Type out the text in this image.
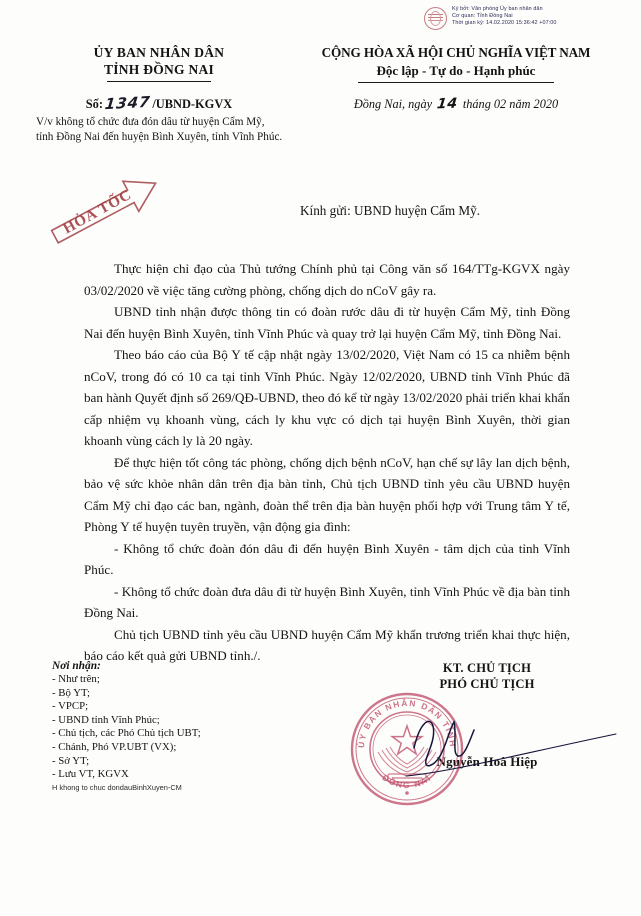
Ký bởi: Văn phòng Ủy ban nhân dân
Cơ quan: Tỉnh Đồng Nai
Thời gian ký: 14.02.2020 15:36:42 +07:00
ỦY BAN NHÂN DÂN
TỈNH ĐỒNG NAI
Số: 1347 /UBND-KGVX
V/v không tổ chức đưa đón dâu từ huyện Cẩm Mỹ, tỉnh Đồng Nai đến huyện Bình Xuyên, tỉnh Vĩnh Phúc.
CỘNG HÒA XÃ HỘI CHỦ NGHĨA VIỆT NAM
Độc lập - Tự do - Hạnh phúc
Đồng Nai, ngày 14 tháng 02 năm 2020
HỎA TỐC	Kính gửi: UBND huyện Cẩm Mỹ.

Thực hiện chỉ đạo của Thủ tướng Chính phủ tại Công văn số 164/TTg-KGVX ngày 03/02/2020 về việc tăng cường phòng, chống dịch do nCoV gây ra.

UBND tỉnh nhận được thông tin có đoàn rước dâu đi từ huyện Cẩm Mỹ, tỉnh Đồng Nai đến huyện Bình Xuyên, tỉnh Vĩnh Phúc và quay trở lại huyện Cẩm Mỹ, tỉnh Đồng Nai.

Theo báo cáo của Bộ Y tế cập nhật ngày 13/02/2020, Việt Nam có 15 ca nhiễm bệnh nCoV, trong đó có 10 ca tại tỉnh Vĩnh Phúc. Ngày 12/02/2020, UBND tỉnh Vĩnh Phúc đã ban hành Quyết định số 269/QĐ-UBND, theo đó kể từ ngày 13/02/2020 phải triển khai khẩn cấp nhiệm vụ khoanh vùng, cách ly khu vực có dịch tại huyện Bình Xuyên, thời gian khoanh vùng cách ly là 20 ngày.

Để thực hiện tốt công tác phòng, chống dịch bệnh nCoV, hạn chế sự lây lan dịch bệnh, bảo vệ sức khỏe nhân dân trên địa bàn tỉnh, Chủ tịch UBND tỉnh yêu cầu UBND huyện Cẩm Mỹ chỉ đạo các ban, ngành, đoàn thể trên địa bàn huyện phối hợp với Trung tâm Y tế, Phòng Y tế huyện tuyên truyền, vận động gia đình:

- Không tổ chức đoàn đón dâu đi đến huyện Bình Xuyên - tâm dịch của tỉnh Vĩnh Phúc.

- Không tổ chức đoàn đưa dâu đi từ huyện Bình Xuyên, tỉnh Vĩnh Phúc về địa bàn tỉnh Đồng Nai.

Chủ tịch UBND tỉnh yêu cầu UBND huyện Cẩm Mỹ khẩn trương triển khai thực hiện, báo cáo kết quả gửi UBND tỉnh./.

Nơi nhận:
- Như trên;
- Bộ YT;
- VPCP;
- UBND tỉnh Vĩnh Phúc;
- Chủ tịch, các Phó Chủ tịch UBT;
- Chánh, Phó VP.UBT (VX);
- Sở YT;
- Lưu VT, KGVX
H khong to chuc dondauBinhXuyen-CM
KT. CHỦ TỊCH
PHÓ CHỦ TỊCH
Nguyễn Hoà Hiệp
ỦY BAN NHÂN DÂN TỈNH
ĐỒNG NAI
